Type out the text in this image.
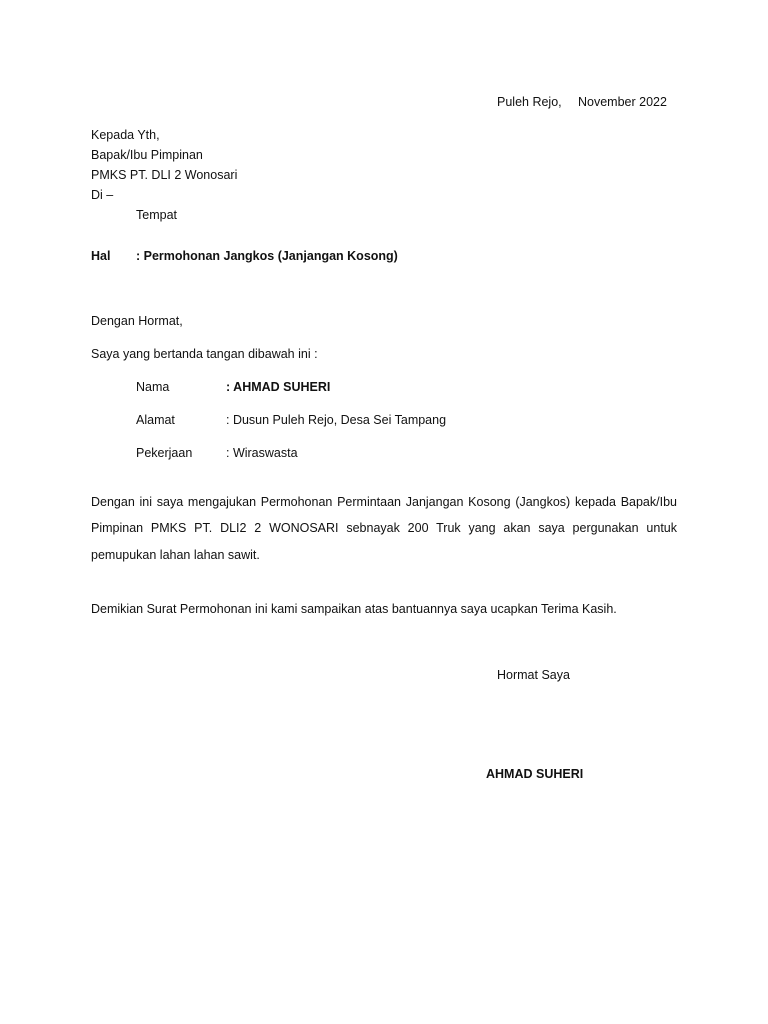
Puleh Rejo, November 2022
Kepada Yth,
Bapak/Ibu Pimpinan
PMKS PT. DLI 2 Wonosari
Di –
Tempat
Hal : Permohonan Jangkos (Janjangan Kosong)
Dengan Hormat,
Saya yang bertanda tangan dibawah ini :
Nama	: AHMAD SUHERI
Alamat	: Dusun Puleh Rejo, Desa Sei Tampang
Pekerjaan	: Wiraswasta

Dengan ini saya mengajukan Permohonan Permintaan Janjangan Kosong (Jangkos) kepada Bapak/Ibu Pimpinan PMKS PT. DLI2 2 WONOSARI sebnayak 200 Truk yang akan saya pergunakan untuk pemupukan lahan lahan sawit.

Demikian Surat Permohonan ini kami sampaikan atas bantuannya saya ucapkan Terima Kasih.
Hormat Saya
AHMAD SUHERI
